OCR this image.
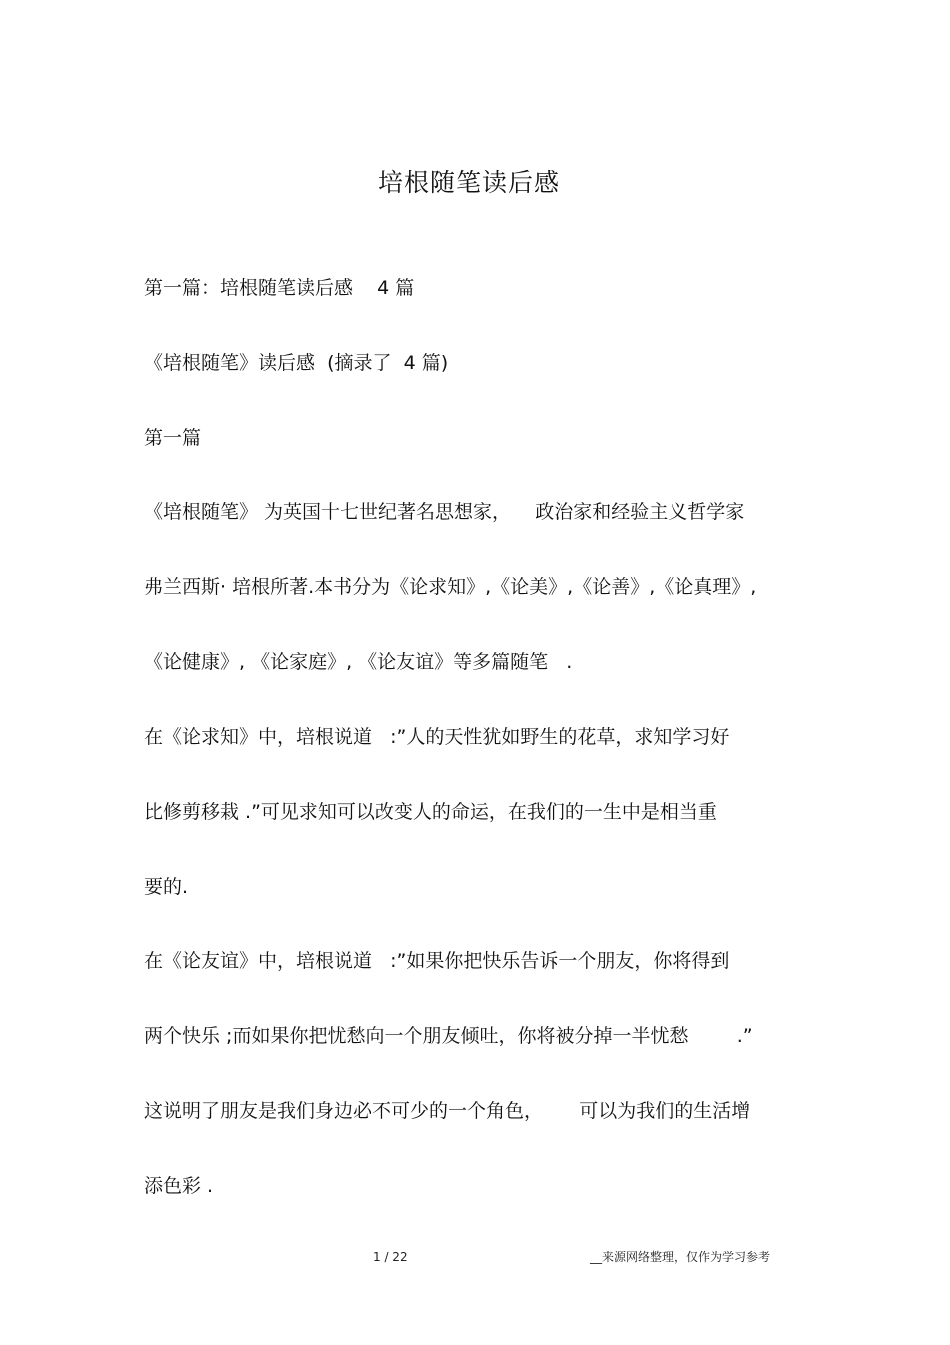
培根随笔读后感
第一篇：培根随笔读后感    4 篇
《培根随笔》读后感  (摘录了  4 篇)
第一篇
《培根随笔》 为英国十七世纪著名思想家，    政治家和经验主义哲学家
弗兰西斯· 培根所著.本书分为《论求知》,《论美》,《论善》,《论真理》,
《论健康》, 《论家庭》, 《论友谊》等多篇随笔   .
在《论求知》中，培根说道   :”人的天性犹如野生的花草，求知学习好
比修剪移栽 .”可见求知可以改变人的命运，在我们的一生中是相当重
要的.
在《论友谊》中，培根说道   :”如果你把快乐告诉一个朋友，你将得到
两个快乐 ;而如果你把忧愁向一个朋友倾吐，你将被分掉一半忧愁        .”
这说明了朋友是我们身边必不可少的一个角色，      可以为我们的生活增
添色彩 .
1 / 22	__来源网络整理，仅作为学习参考
